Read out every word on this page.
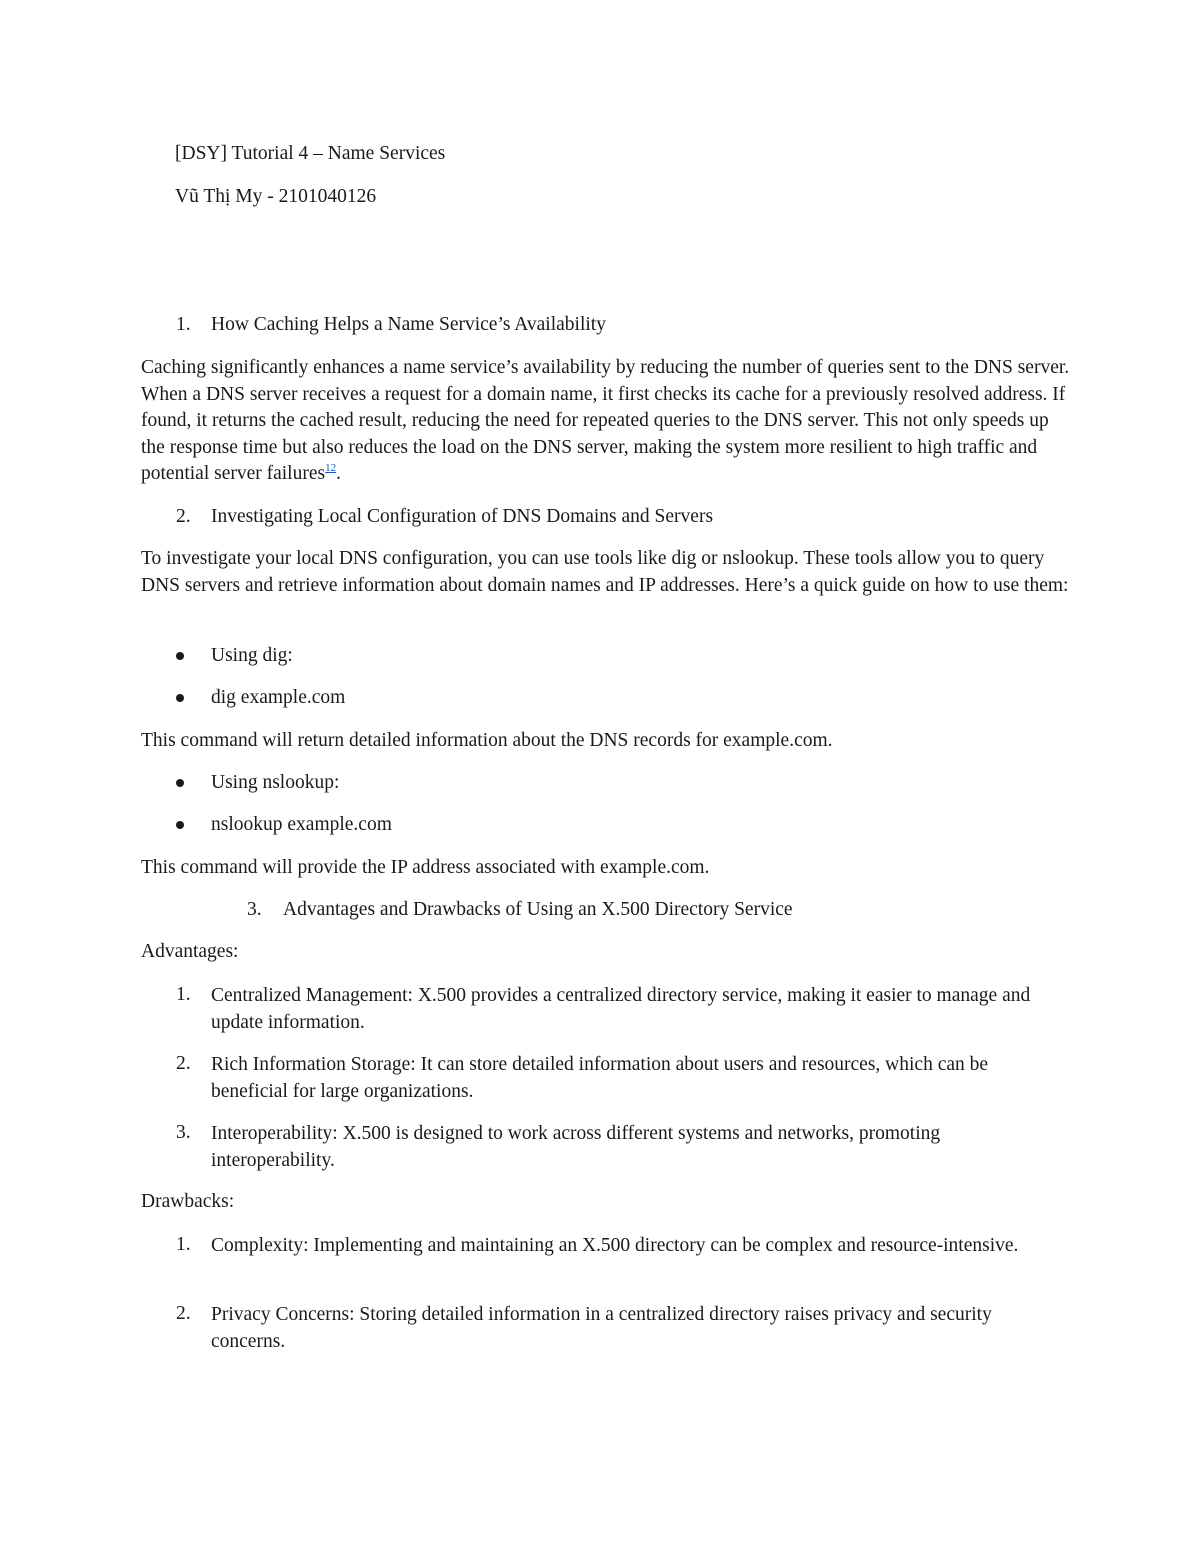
[DSY] Tutorial 4 – Name Services
Vũ Thị My - 2101040126
1. How Caching Helps a Name Service’s Availability
Caching significantly enhances a name service’s availability by reducing the number of queries sent to the DNS server. When a DNS server receives a request for a domain name, it first checks its cache for a previously resolved address. If found, it returns the cached result, reducing the need for repeated queries to the DNS server. This not only speeds up the response time but also reduces the load on the DNS server, making the system more resilient to high traffic and potential server failures$^{12}$.
2. Investigating Local Configuration of DNS Domains and Servers
To investigate your local DNS configuration, you can use tools like dig or nslookup. These tools allow you to query DNS servers and retrieve information about domain names and IP addresses. Here’s a quick guide on how to use them:
Using dig:
dig example.com
This command will return detailed information about the DNS records for example.com.
Using nslookup:
nslookup example.com
This command will provide the IP address associated with example.com.
3. Advantages and Drawbacks of Using an X.500 Directory Service
Advantages:
1. Centralized Management: X.500 provides a centralized directory service, making it easier to manage and update information.
2. Rich Information Storage: It can store detailed information about users and resources, which can be beneficial for large organizations.
3. Interoperability: X.500 is designed to work across different systems and networks, promoting interoperability.
Drawbacks:
1. Complexity: Implementing and maintaining an X.500 directory can be complex and resource-intensive.
2. Privacy Concerns: Storing detailed information in a centralized directory raises privacy and security concerns.
